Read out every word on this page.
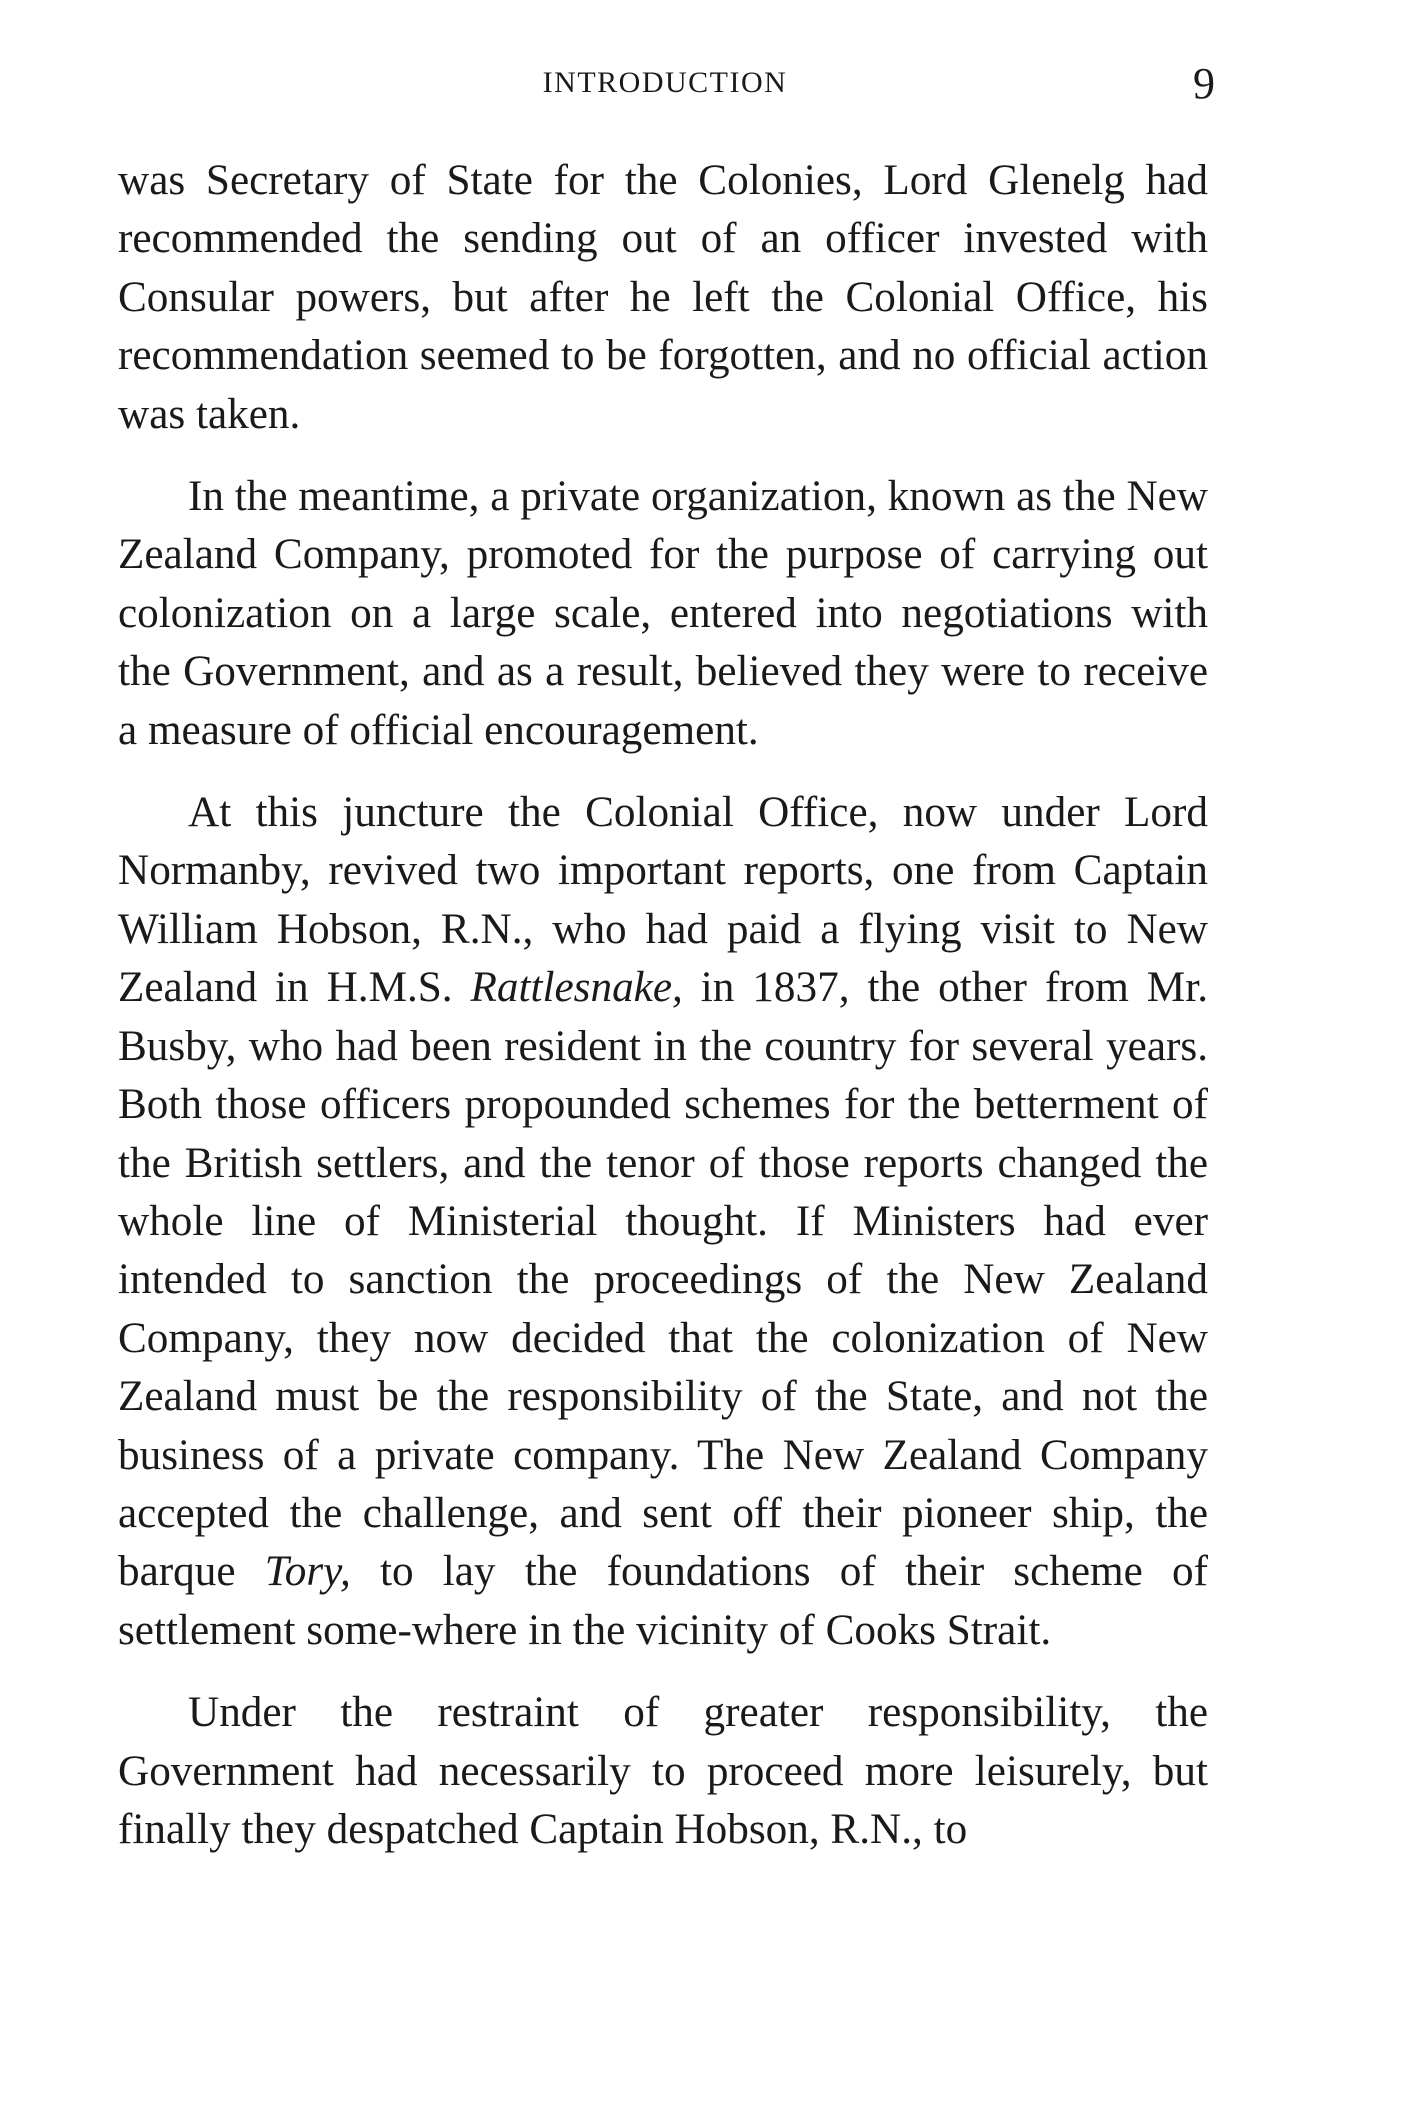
INTRODUCTION	9

was Secretary of State for the Colonies, Lord Glenelg had recommended the sending out of an officer invested with Consular powers, but after he left the Colonial Office, his recommendation seemed to be forgotten, and no official action was taken.

In the meantime, a private organization, known as the New Zealand Company, promoted for the purpose of carrying out colonization on a large scale, entered into negotiations with the Government, and as a result, believed they were to receive a measure of official encouragement.

At this juncture the Colonial Office, now under Lord Normanby, revived two important reports, one from Captain William Hobson, R.N., who had paid a flying visit to New Zealand in H.M.S. Rattlesnake, in 1837, the other from Mr. Busby, who had been resident in the country for several years. Both those officers propounded schemes for the betterment of the British settlers, and the tenor of those reports changed the whole line of Ministerial thought. If Ministers had ever intended to sanction the proceedings of the New Zealand Company, they now decided that the colonization of New Zealand must be the responsibility of the State, and not the business of a private company. The New Zealand Company accepted the challenge, and sent off their pioneer ship, the barque Tory, to lay the foundations of their scheme of settlement some-where in the vicinity of Cooks Strait.

Under the restraint of greater responsibility, the Government had necessarily to proceed more leisurely, but finally they despatched Captain Hobson, R.N., to
